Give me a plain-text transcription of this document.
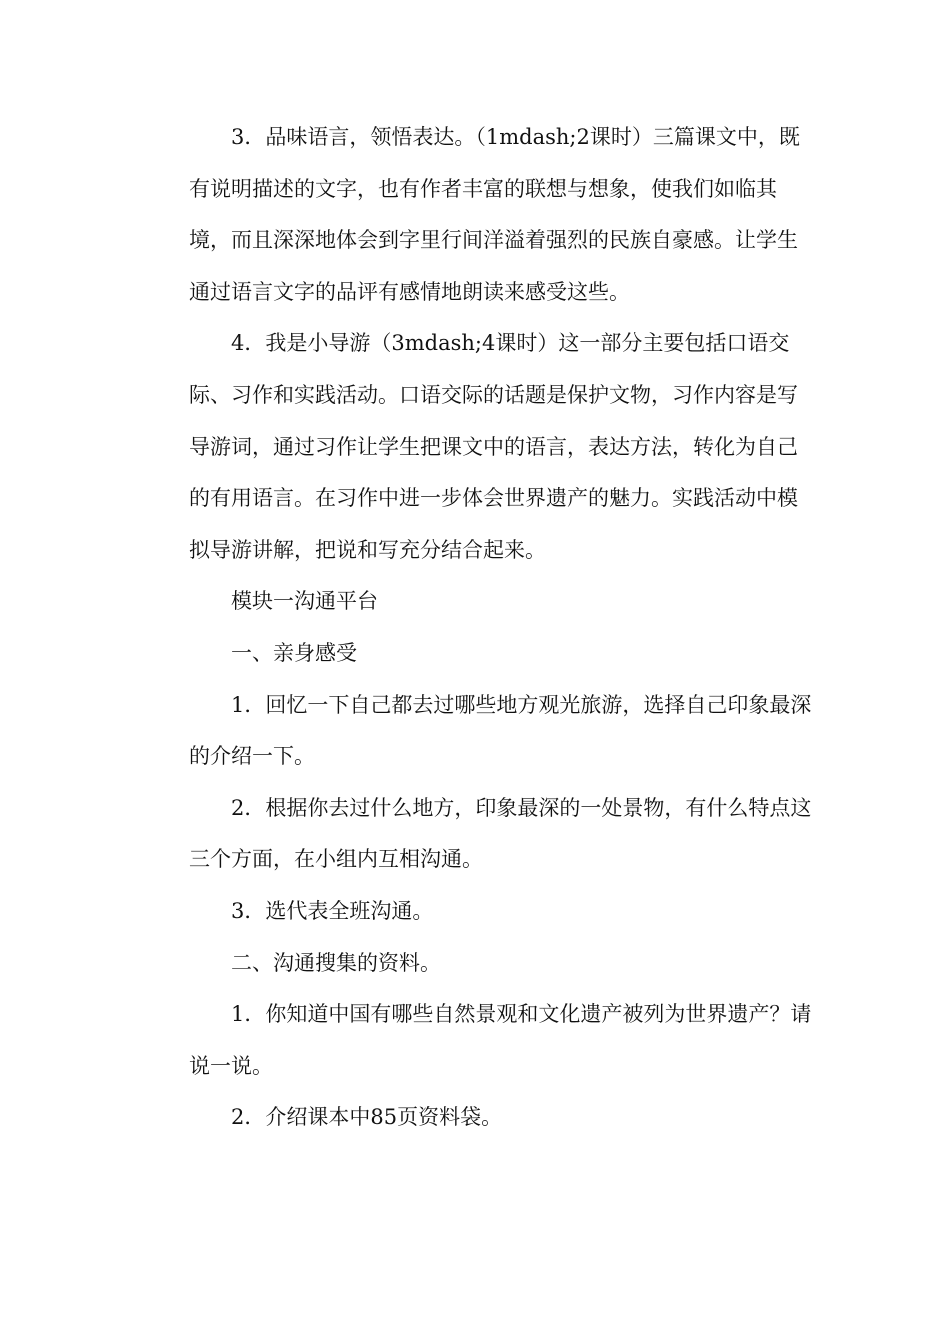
3．品味语言，领悟表达。（1mdash;2课时）三篇课文中，既
有说明描述的文字，也有作者丰富的联想与想象，使我们如临其
境，而且深深地体会到字里行间洋溢着强烈的民族自豪感。让学生
通过语言文字的品评有感情地朗读来感受这些。
4．我是小导游（3mdash;4课时）这一部分主要包括口语交
际、习作和实践活动。口语交际的话题是保护文物，习作内容是写
导游词，通过习作让学生把课文中的语言，表达方法，转化为自己
的有用语言。在习作中进一步体会世界遗产的魅力。实践活动中模
拟导游讲解，把说和写充分结合起来。
模块一沟通平台
一、亲身感受
1．回忆一下自己都去过哪些地方观光旅游，选择自己印象最深
的介绍一下。
2．根据你去过什么地方，印象最深的一处景物，有什么特点这
三个方面，在小组内互相沟通。
3．选代表全班沟通。
二、沟通搜集的资料。
1．你知道中国有哪些自然景观和文化遗产被列为世界遗产？请
说一说。
2．介绍课本中85页资料袋。
